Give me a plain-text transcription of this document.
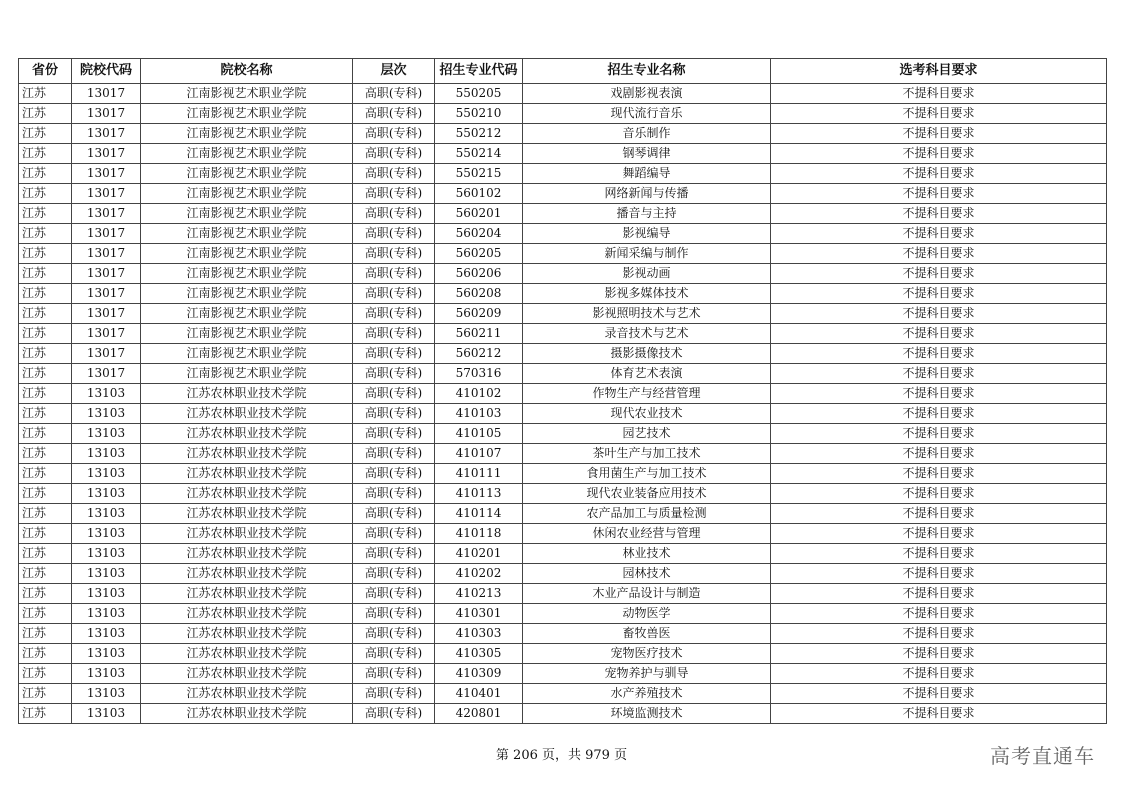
省份	院校代码	院校名称	层次	招生专业代码	招生专业名称	选考科目要求
江苏	13017	江南影视艺术职业学院	高职(专科)	550205	戏剧影视表演	不提科目要求
江苏	13017	江南影视艺术职业学院	高职(专科)	550210	现代流行音乐	不提科目要求
江苏	13017	江南影视艺术职业学院	高职(专科)	550212	音乐制作	不提科目要求
江苏	13017	江南影视艺术职业学院	高职(专科)	550214	钢琴调律	不提科目要求
江苏	13017	江南影视艺术职业学院	高职(专科)	550215	舞蹈编导	不提科目要求
江苏	13017	江南影视艺术职业学院	高职(专科)	560102	网络新闻与传播	不提科目要求
江苏	13017	江南影视艺术职业学院	高职(专科)	560201	播音与主持	不提科目要求
江苏	13017	江南影视艺术职业学院	高职(专科)	560204	影视编导	不提科目要求
江苏	13017	江南影视艺术职业学院	高职(专科)	560205	新闻采编与制作	不提科目要求
江苏	13017	江南影视艺术职业学院	高职(专科)	560206	影视动画	不提科目要求
江苏	13017	江南影视艺术职业学院	高职(专科)	560208	影视多媒体技术	不提科目要求
江苏	13017	江南影视艺术职业学院	高职(专科)	560209	影视照明技术与艺术	不提科目要求
江苏	13017	江南影视艺术职业学院	高职(专科)	560211	录音技术与艺术	不提科目要求
江苏	13017	江南影视艺术职业学院	高职(专科)	560212	摄影摄像技术	不提科目要求
江苏	13017	江南影视艺术职业学院	高职(专科)	570316	体育艺术表演	不提科目要求
江苏	13103	江苏农林职业技术学院	高职(专科)	410102	作物生产与经营管理	不提科目要求
江苏	13103	江苏农林职业技术学院	高职(专科)	410103	现代农业技术	不提科目要求
江苏	13103	江苏农林职业技术学院	高职(专科)	410105	园艺技术	不提科目要求
江苏	13103	江苏农林职业技术学院	高职(专科)	410107	茶叶生产与加工技术	不提科目要求
江苏	13103	江苏农林职业技术学院	高职(专科)	410111	食用菌生产与加工技术	不提科目要求
江苏	13103	江苏农林职业技术学院	高职(专科)	410113	现代农业装备应用技术	不提科目要求
江苏	13103	江苏农林职业技术学院	高职(专科)	410114	农产品加工与质量检测	不提科目要求
江苏	13103	江苏农林职业技术学院	高职(专科)	410118	休闲农业经营与管理	不提科目要求
江苏	13103	江苏农林职业技术学院	高职(专科)	410201	林业技术	不提科目要求
江苏	13103	江苏农林职业技术学院	高职(专科)	410202	园林技术	不提科目要求
江苏	13103	江苏农林职业技术学院	高职(专科)	410213	木业产品设计与制造	不提科目要求
江苏	13103	江苏农林职业技术学院	高职(专科)	410301	动物医学	不提科目要求
江苏	13103	江苏农林职业技术学院	高职(专科)	410303	畜牧兽医	不提科目要求
江苏	13103	江苏农林职业技术学院	高职(专科)	410305	宠物医疗技术	不提科目要求
江苏	13103	江苏农林职业技术学院	高职(专科)	410309	宠物养护与驯导	不提科目要求
江苏	13103	江苏农林职业技术学院	高职(专科)	410401	水产养殖技术	不提科目要求
江苏	13103	江苏农林职业技术学院	高职(专科)	420801	环境监测技术	不提科目要求
第 206 页，共 979 页	高考直通车
